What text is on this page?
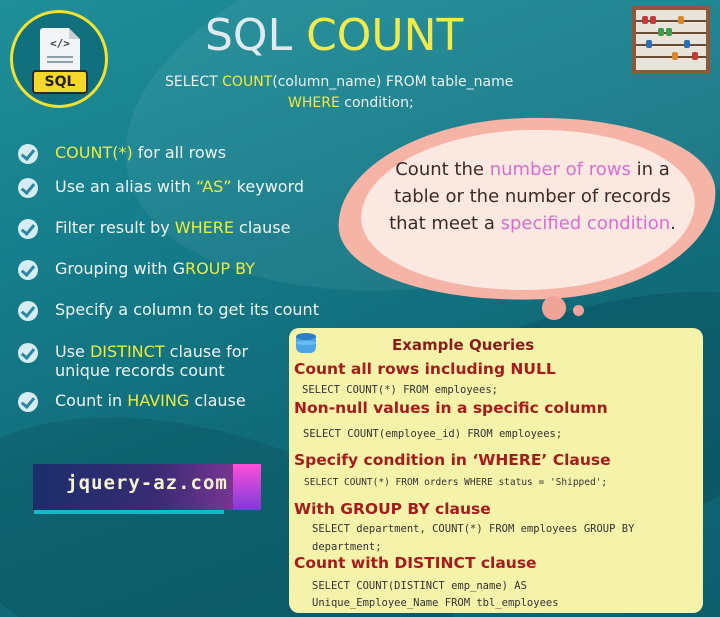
</>
SQL
SQL COUNT
SELECT COUNT(column_name) FROM table_name
WHERE condition;
COUNT(*) for all rows
Use an alias with “AS” keyword
Filter result by WHERE clause
Grouping with GROUP BY
Specify a column to get its count
Use DISTINCT clause for unique records count
Count in HAVING clause
Count the number of rows in a table or the number of records that meet a specified condition.
jquery-az.com
Example Queries
Count all rows including NULL
SELECT COUNT(*) FROM employees;
Non-null values in a specific column
SELECT COUNT(employee_id) FROM employees;
Specify condition in ‘WHERE’ Clause
SELECT COUNT(*) FROM orders WHERE status = 'Shipped';
With GROUP BY clause
SELECT department, COUNT(*) FROM employees GROUP BY
department;
Count with DISTINCT clause
SELECT COUNT(DISTINCT emp_name) AS
Unique_Employee_Name FROM tbl_employees
